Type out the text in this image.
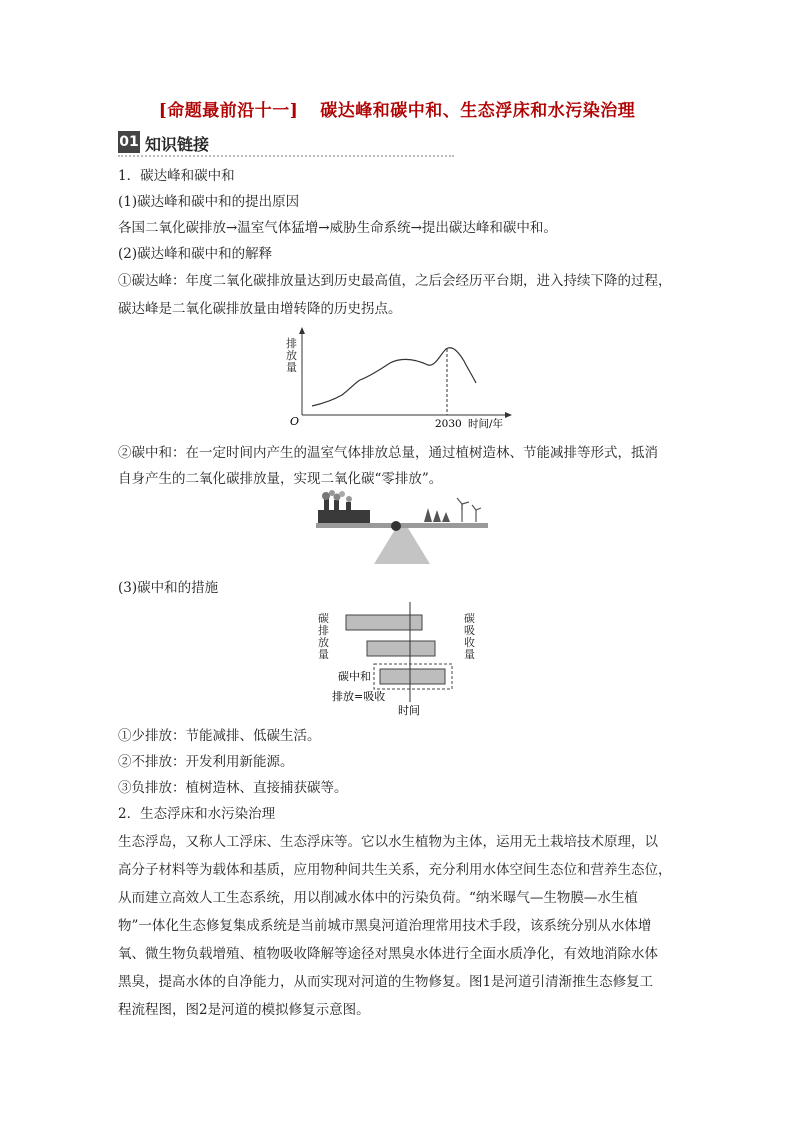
[命题最前沿十一] 碳达峰和碳中和、生态浮床和水污染治理
01 知识链接
1．碳达峰和碳中和
(1)碳达峰和碳中和的提出原因
各国二氧化碳排放→温室气体猛增→威胁生命系统→提出碳达峰和碳中和。
(2)碳达峰和碳中和的解释
①碳达峰：年度二氧化碳排放量达到历史最高值，之后会经历平台期，进入持续下降的过程，
碳达峰是二氧化碳排放量由增转降的历史拐点。
排
放
量
O	2030 时间/年
②碳中和：在一定时间内产生的温室气体排放总量，通过植树造林、节能减排等形式，抵消
自身产生的二氧化碳排放量，实现二氧化碳“零排放”。
(3)碳中和的措施
碳
排
放
量
碳
吸
收
量
碳中和
排放=吸收
时间
①少排放：节能减排、低碳生活。
②不排放：开发利用新能源。
③负排放：植树造林、直接捕获碳等。
2．生态浮床和水污染治理
生态浮岛，又称人工浮床、生态浮床等。它以水生植物为主体，运用无土栽培技术原理，以
高分子材料等为载体和基质，应用物种间共生关系，充分利用水体空间生态位和营养生态位，
从而建立高效人工生态系统，用以削减水体中的污染负荷。“纳米曝气—生物膜—水生植
物”一体化生态修复集成系统是当前城市黑臭河道治理常用技术手段，该系统分别从水体增
氧、微生物负载增殖、植物吸收降解等途径对黑臭水体进行全面水质净化，有效地消除水体
黑臭，提高水体的自净能力，从而实现对河道的生物修复。图1是河道引清渐推生态修复工
程流程图，图2是河道的模拟修复示意图。
